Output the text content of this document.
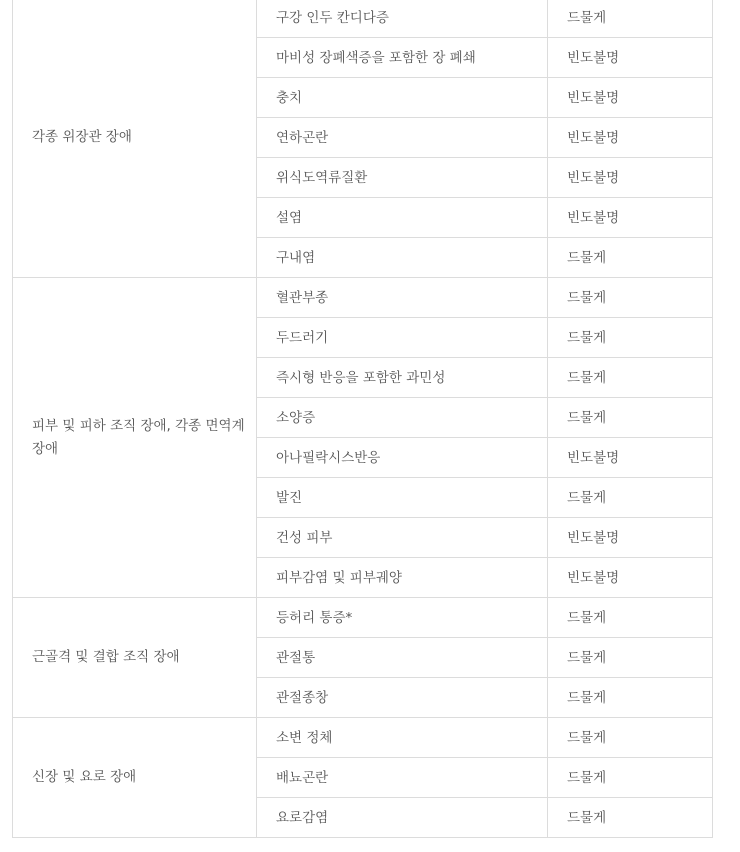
각종 위장관 장애	구강 인두 칸디다증	드물게
	마비성 장폐색증을 포함한 장 폐쇄	빈도불명
	충치	빈도불명
	연하곤란	빈도불명
	위식도역류질환	빈도불명
	설염	빈도불명
	구내염	드물게

피부 및 피하 조직 장애, 각종 면역계 장애	혈관부종	드물게
	두드러기	드물게
	즉시형 반응을 포함한 과민성	드물게
	소양증	드물게
	아나필락시스반응	빈도불명
	발진	드물게
	건성 피부	빈도불명
	피부감염 및 피부궤양	빈도불명

근골격 및 결합 조직 장애	등허리 통증*	드물게
	관절통	드물게
	관절종창	드물게

신장 및 요로 장애	소변 정체	드물게
	배뇨곤란	드물게
	요로감염	드물게
